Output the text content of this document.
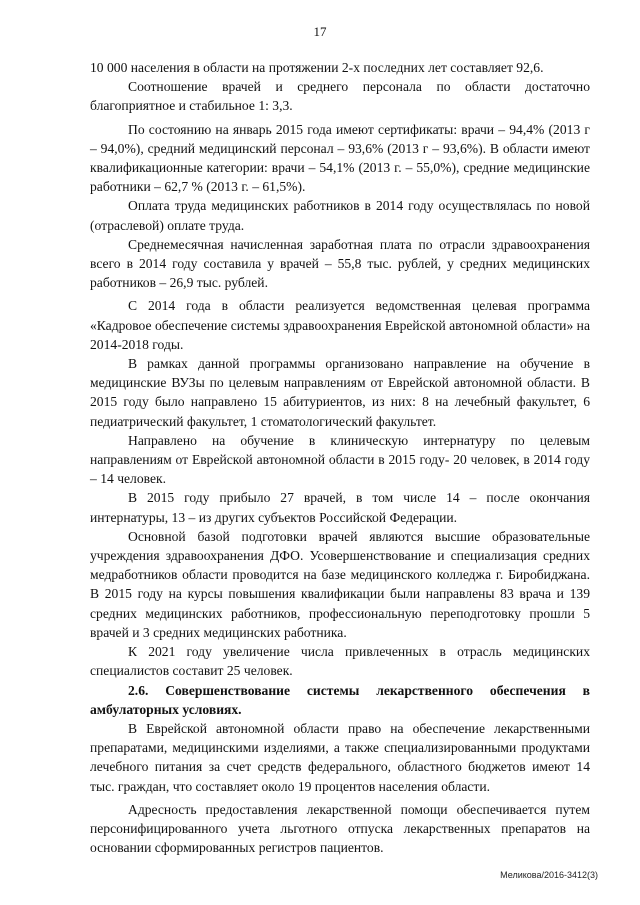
17

10 000 населения в области на протяжении 2-х последних лет составляет 92,6.

Соотношение врачей и среднего персонала по области достаточно благоприятное и стабильное 1: 3,3.

По состоянию на январь 2015 года имеют сертификаты: врачи – 94,4% (2013 г – 94,0%), средний медицинский персонал – 93,6% (2013 г – 93,6%). В области имеют квалификационные категории: врачи – 54,1% (2013 г. – 55,0%), средние медицинские работники – 62,7 % (2013 г. – 61,5%).

Оплата труда медицинских работников в 2014 году осуществлялась по новой (отраслевой) оплате труда.

Среднемесячная начисленная заработная плата по отрасли здравоохранения всего в 2014 году составила у врачей – 55,8 тыс. рублей, у средних медицинских работников – 26,9 тыс. рублей.

С 2014 года в области реализуется ведомственная целевая программа «Кадровое обеспечение системы здравоохранения Еврейской автономной области» на 2014-2018 годы.

В рамках данной программы организовано направление на обучение в медицинские ВУЗы по целевым направлениям от Еврейской автономной области. В 2015 году было направлено 15 абитуриентов, из них: 8 на лечебный факультет, 6 педиатрический факультет, 1 стоматологический факультет.

Направлено на обучение в клиническую интернатуру по целевым направлениям от Еврейской автономной области в 2015 году- 20 человек, в 2014 году – 14 человек.

В 2015 году прибыло 27 врачей, в том числе 14 – после окончания интернатуры, 13 – из других субъектов Российской Федерации.

Основной базой подготовки врачей являются высшие образовательные учреждения здравоохранения ДФО. Усовершенствование и специализация средних медработников области проводится на базе медицинского колледжа г. Биробиджана. В 2015 году на курсы повышения квалификации были направлены 83 врача и 139 средних медицинских работников, профессиональную переподготовку прошли 5 врачей и 3 средних медицинских работника.

К 2021 году увеличение числа привлеченных в отрасль медицинских специалистов составит 25 человек.

2.6. Совершенствование системы лекарственного обеспечения в амбулаторных условиях.

В Еврейской автономной области право на обеспечение лекарственными препаратами, медицинскими изделиями, а также специализированными продуктами лечебного питания за счет средств федерального, областного бюджетов имеют 14 тыс. граждан, что составляет около 19 процентов населения области.

Адресность предоставления лекарственной помощи обеспечивается путем персонифицированного учета льготного отпуска лекарственных препаратов на основании сформированных регистров пациентов.

Меликова/2016-3412(3)
